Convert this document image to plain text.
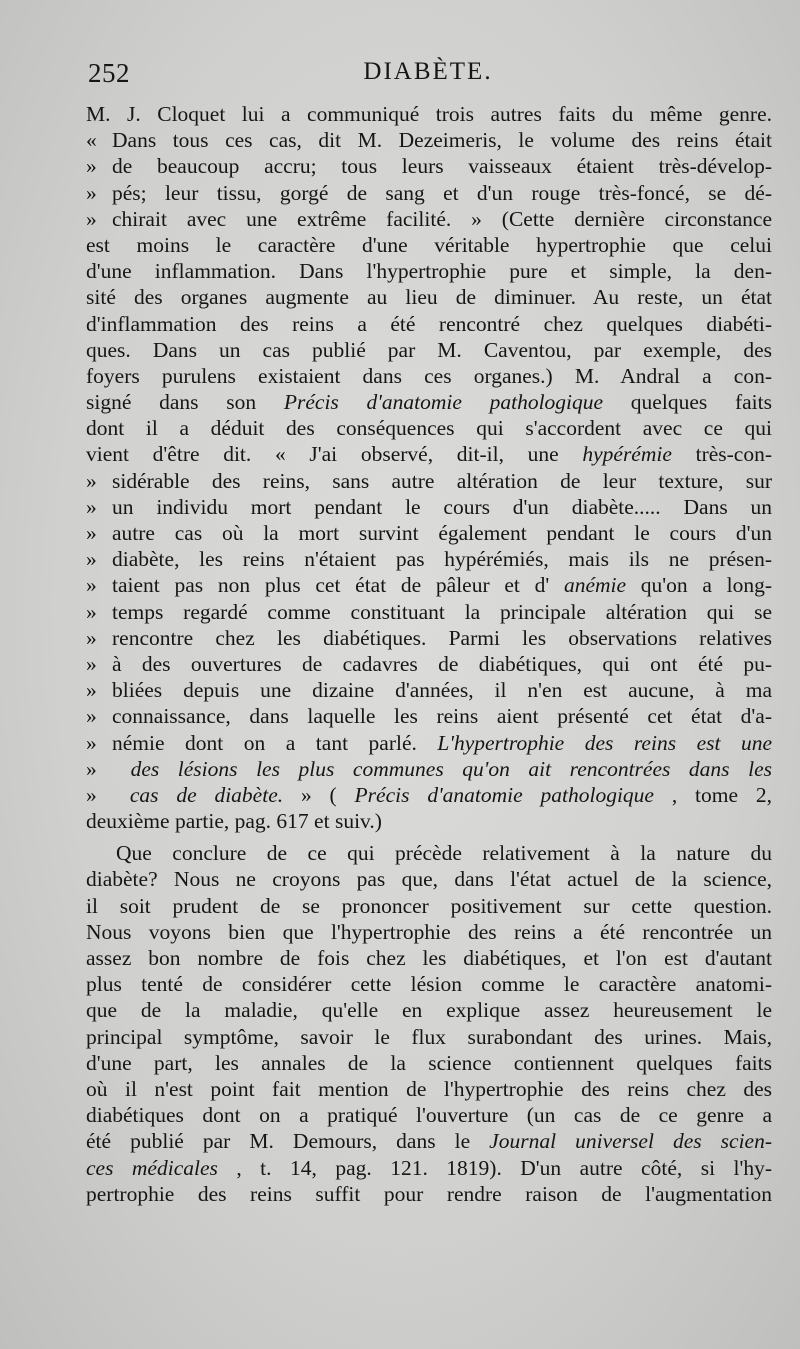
252	DIABÈTE.
M. J. Cloquet lui a communiqué trois autres faits du même genre.
« Dans tous ces cas, dit M. Dezeimeris, le volume des reins était
» de beaucoup accru; tous leurs vaisseaux étaient très-dévelop-
» pés; leur tissu, gorgé de sang et d'un rouge très-foncé, se dé-
» chirait avec une extrême facilité. » (Cette dernière circonstance
est moins le caractère d'une véritable hypertrophie que celui
d'une inflammation. Dans l'hypertrophie pure et simple, la den-
sité des organes augmente au lieu de diminuer. Au reste, un état
d'inflammation des reins a été rencontré chez quelques diabéti-
ques. Dans un cas publié par M. Caventou, par exemple, des
foyers purulens existaient dans ces organes.) M. Andral a con-
signé dans son Précis d'anatomie pathologique quelques faits
dont il a déduit des conséquences qui s'accordent avec ce qui
vient d'être dit. « J'ai observé, dit-il, une hypérémie très-con-
» sidérable des reins, sans autre altération de leur texture, sur
» un individu mort pendant le cours d'un diabète..... Dans un
» autre cas où la mort survint également pendant le cours d'un
» diabète, les reins n'étaient pas hypérémiés, mais ils ne présen-
» taient pas non plus cet état de pâleur et d' anémie qu'on a long-
» temps regardé comme constituant la principale altération qui se
» rencontre chez les diabétiques. Parmi les observations relatives
» à des ouvertures de cadavres de diabétiques, qui ont été pu-
» bliées depuis une dizaine d'années, il n'en est aucune, à ma
» connaissance, dans laquelle les reins aient présenté cet état d'a-
» némie dont on a tant parlé. L'hypertrophie des reins est une
» des lésions les plus communes qu'on ait rencontrées dans les
» cas de diabète. » ( Précis d'anatomie pathologique , tome 2,
deuxième partie, pag. 617 et suiv.)
Que conclure de ce qui précède relativement à la nature du
diabète? Nous ne croyons pas que, dans l'état actuel de la science,
il soit prudent de se prononcer positivement sur cette question.
Nous voyons bien que l'hypertrophie des reins a été rencontrée un
assez bon nombre de fois chez les diabétiques, et l'on est d'autant
plus tenté de considérer cette lésion comme le caractère anatomi-
que de la maladie, qu'elle en explique assez heureusement le
principal symptôme, savoir le flux surabondant des urines. Mais,
d'une part, les annales de la science contiennent quelques faits
où il n'est point fait mention de l'hypertrophie des reins chez des
diabétiques dont on a pratiqué l'ouverture (un cas de ce genre a
été publié par M. Demours, dans le Journal universel des scien-
ces médicales , t. 14, pag. 121. 1819). D'un autre côté, si l'hy-
pertrophie des reins suffit pour rendre raison de l'augmentation
